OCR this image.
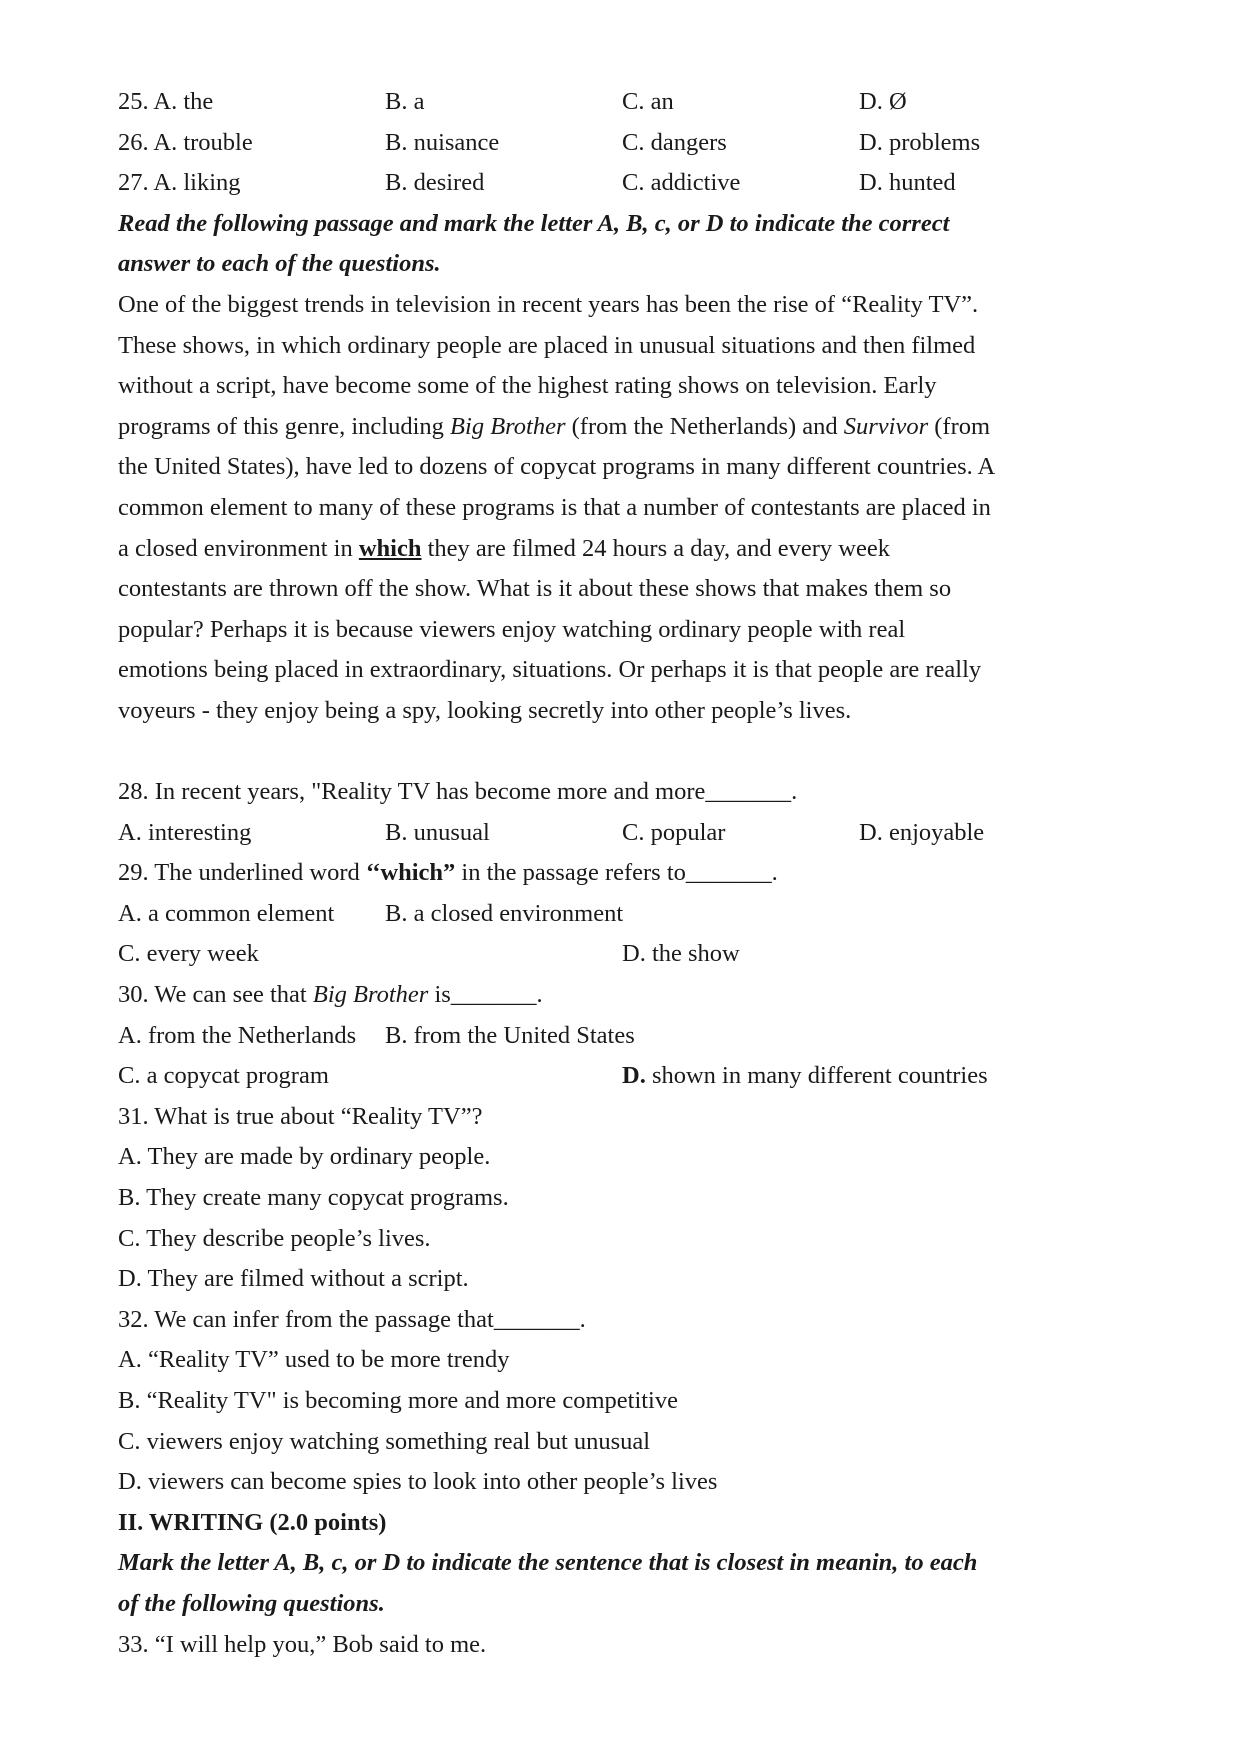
25. A. the	B. a	C. an	D. Ø
26. A. trouble	B. nuisance	C. dangers	D. problems
27. A. liking	B. desired	C. addictive	D. hunted
Read the following passage and mark the letter A, B, c, or D to indicate the correct
answer to each of the questions.
One of the biggest trends in television in recent years has been the rise of “Reality TV”.
These shows, in which ordinary people are placed in unusual situations and then filmed
without a script, have become some of the highest rating shows on television. Early
programs of this genre, including Big Brother (from the Netherlands) and Survivor (from
the United States), have led to dozens of copycat programs in many different countries. A
common element to many of these programs is that a number of contestants are placed in
a closed environment in which they are filmed 24 hours a day, and every week
contestants are thrown off the show. What is it about these shows that makes them so
popular? Perhaps it is because viewers enjoy watching ordinary people with real
emotions being placed in extraordinary, situations. Or perhaps it is that people are really
voyeurs - they enjoy being a spy, looking secretly into other people’s lives.
28. In recent years, "Reality TV has become more and more_______.
A. interesting	B. unusual	C. popular	D. enjoyable
29. The underlined word ‘‘which” in the passage refers to_______.
A. a common element B. a closed environment
C. every week	D. the show
30. We can see that Big Brother is_______.
A. from the Netherlands B. from the United States
C. a copycat program	D. shown in many different countries
31. What is true about “Reality TV”?
A. They are made by ordinary people.
B. They create many copycat programs.
C. They describe people’s lives.
D. They are filmed without a script.
32. We can infer from the passage that_______.
A. “Reality TV” used to be more trendy
B. “Reality TV" is becoming more and more competitive
C. viewers enjoy watching something real but unusual
D. viewers can become spies to look into other people’s lives
II. WRITING (2.0 points)
Mark the letter A, B, c, or D to indicate the sentence that is closest in meanin, to each
of the following questions.
33. “I will help you,” Bob said to me.
